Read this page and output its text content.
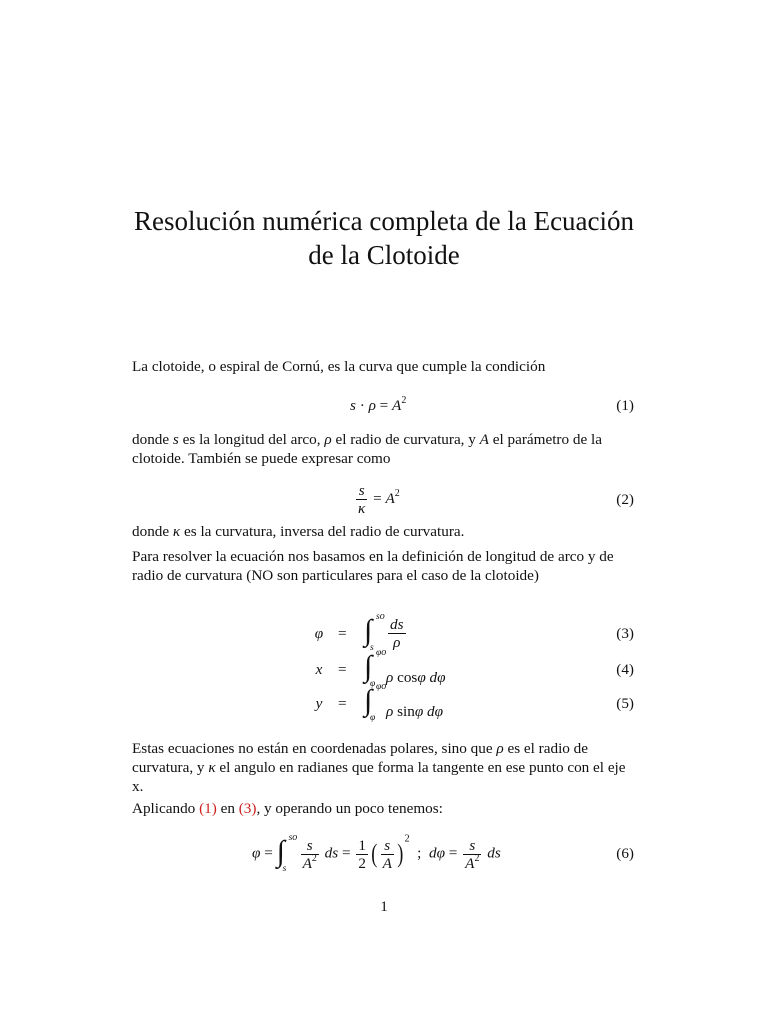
Resolución numérica completa de la Ecuación
de la Clotoide

La clotoide, o espiral de Cornú, es la curva que cumple la condición

$s \cdot \rho = A^2$	(1)

donde s es la longitud del arco, ρ el radio de curvatura, y A el parámetro de la clotoide. También se puede expresar como

$\frac{s}{\kappa} = A^2$	(2)

donde κ es la curvatura, inversa del radio de curvatura.

Para resolver la ecuación nos basamos en la definición de longitud de arco y de radio de curvatura (NO son particulares para el caso de la clotoide)

φ = ∫ so
s $\frac{ds}{\rho}$	(3)
x = ∫ φo
φ ρ cosφ dφ	(4)
y = ∫ φo
φ ρ sinφ dφ	(5)

Estas ecuaciones no están en coordenadas polares, sino que ρ es el radio de curvatura, y κ el angulo en radianes que forma la tangente en ese punto con el eje x.

Aplicando (1) en (3), y operando un poco tenemos:

φ = ∫ so
s $\frac{s}{A^2}$ ds = $\frac{1}{2}$ ( $\frac{s}{A} )^2$  ;  $d\varphi = \frac{s}{A^2}$ ds	(6)
1
